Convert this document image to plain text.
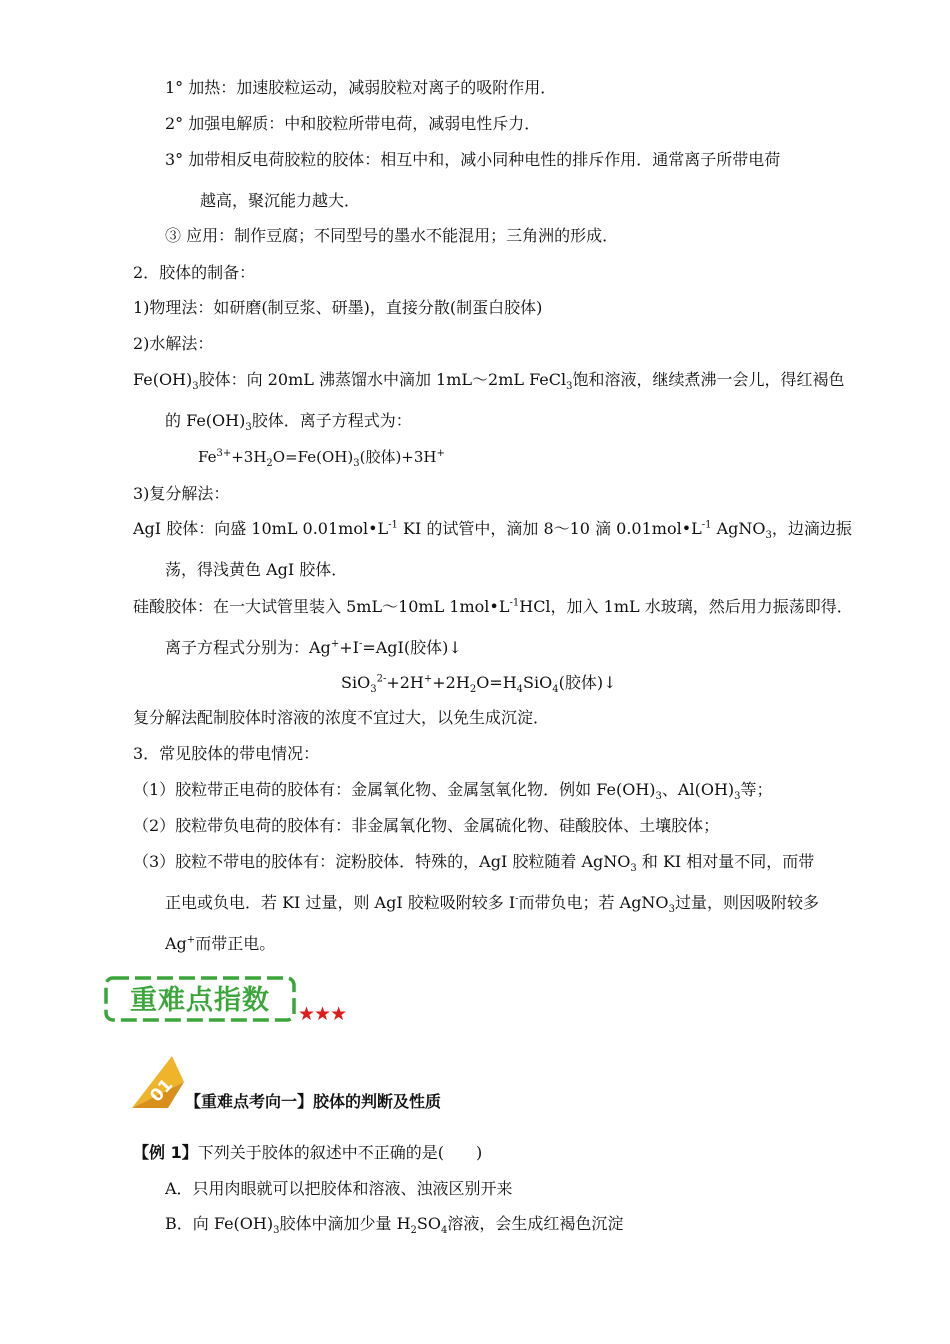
1° 加热：加速胶粒运动，减弱胶粒对离子的吸附作用．
2° 加强电解质：中和胶粒所带电荷，减弱电性斥力．
3° 加带相反电荷胶粒的胶体：相互中和，减小同种电性的排斥作用．通常离子所带电荷
越高，聚沉能力越大．
③ 应用：制作豆腐；不同型号的墨水不能混用；三角洲的形成．
2．胶体的制备：
1)物理法：如研磨(制豆浆、研墨)，直接分散(制蛋白胶体)
2)水解法：
$Fe(OH)_3$胶体：向 20mL 沸蒸馏水中滴加 1mL～2mL FeCl$_3$饱和溶液，继续煮沸一会儿，得红褐色
的 $Fe(OH)_3$胶体．离子方程式为：
$Fe^{3+}+3H_2O=Fe(OH)_3$(胶体)+3H+
3)复分解法：
AgI 胶体：向盛 10mL $0.01mol•L^{-1}$ KI 的试管中，滴加 8～10 滴 $0.01mol•L^{-1}$ AgNO$_3$，边滴边振
荡，得浅黄色 AgI 胶体．
硅酸胶体：在一大试管里装入 5mL～10mL $1mol•L^{-1}HCl$，加入 1mL 水玻璃，然后用力振荡即得．
离子方程式分别为：Ag++I-=AgI(胶体)↓
$SiO_3^{2-}+2H^++2H_2O=H_4SiO_4$(胶体)↓
复分解法配制胶体时溶液的浓度不宜过大，以免生成沉淀．
3．常见胶体的带电情况：
（1）胶粒带正电荷的胶体有：金属氧化物、金属氢氧化物．例如 $Fe(OH)_3$、$Al(OH)_3$等；
（2）胶粒带负电荷的胶体有：非金属氧化物、金属硫化物、硅酸胶体、土壤胶体；
（3）胶粒不带电的胶体有：淀粉胶体．特殊的，AgI 胶粒随着 AgNO$_3$ 和 KI 相对量不同，而带
正电或负电．若 KI 过量，则 AgI 胶粒吸附较多 I-而带负电；若 AgNO$_3$过量，则因吸附较多
Ag+而带正电。
重难点指数 ★★★
01 【重难点考向一】胶体的判断及性质
【例 1】下列关于胶体的叙述中不正确的是(　　)
A．只用肉眼就可以把胶体和溶液、浊液区别开来
B．向 $Fe(OH)_3$胶体中滴加少量 $H_2SO_4$溶液，会生成红褐色沉淀
